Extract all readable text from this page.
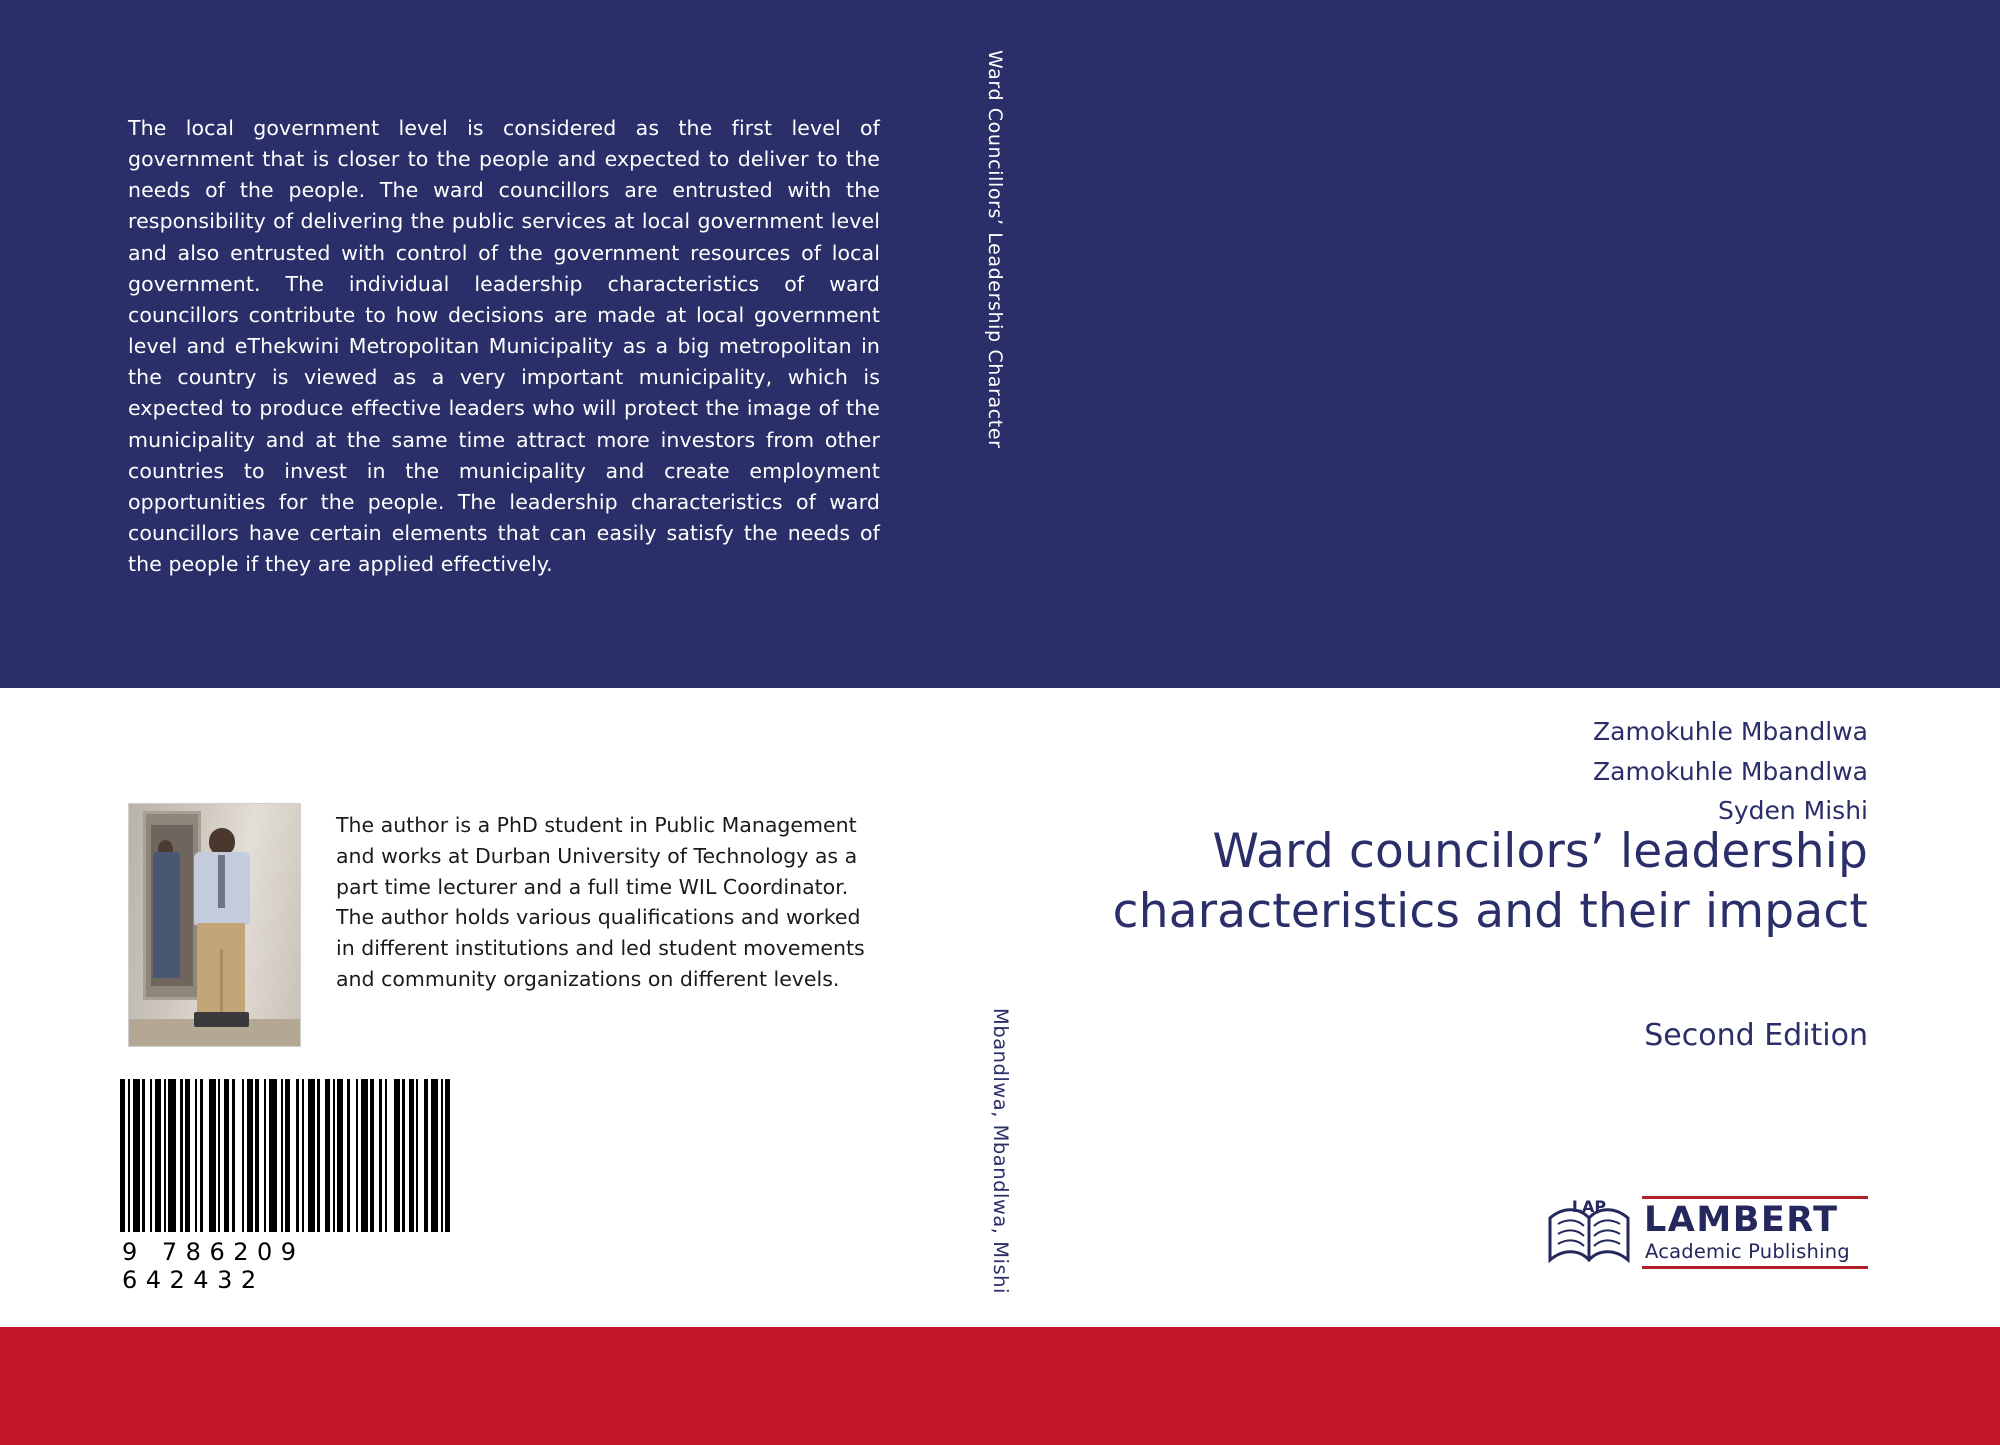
The local government level is considered as the first level of government that is closer to the people and expected to deliver to the needs of the people. The ward councillors are entrusted with the responsibility of delivering the public services at local government level and also entrusted with control of the government resources of local government. The individual leadership characteristics of ward councillors contribute to how decisions are made at local government level and eThekwini Metropolitan Municipality as a big metropolitan in the country is viewed as a very important municipality, which is expected to produce effective leaders who will protect the image of the municipality and at the same time attract more investors from other countries to invest in the municipality and create employment opportunities for the people. The leadership characteristics of ward councillors have certain elements that can easily satisfy the needs of the people if they are applied effectively.
Ward Councillors’ Leadership Character
Mbandlwa, Mbandlwa, Mishi
The author is a PhD student in Public Management and works at Durban University of Technology as a part time lecturer and a full time WIL Coordinator. The author holds various qualifications and worked in different institutions and led student movements and community organizations on different levels.
9 786209 642432
Zamokuhle Mbandlwa
Zamokuhle Mbandlwa
Syden Mishi
Ward councilors’ leadership characteristics and their impact
Second Edition
LAP LAMBERT
Academic Publishing
